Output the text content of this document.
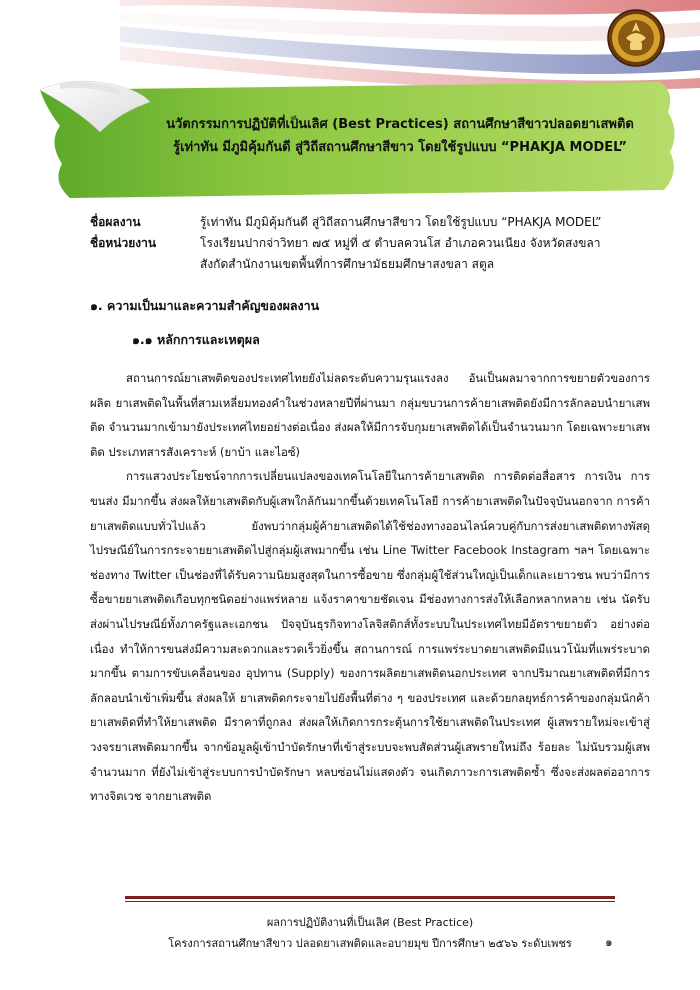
นวัตกรรมการปฏิบัติที่เป็นเลิศ (Best Practices) สถานศึกษาสีขาวปลอดยาเสพติด
รู้เท่าทัน มีภูมิคุ้มกันดี สู่วิถีสถานศึกษาสีขาว โดยใช้รูปแบบ “PHAKJA MODEL”
ชื่อผลงาน	รู้เท่าทัน มีภูมิคุ้มกันดี สู่วิถีสถานศึกษาสีขาว โดยใช้รูปแบบ “PHAKJA MODEL”
ชื่อหน่วยงาน	โรงเรียนปากจ่าวิทยา ๗๕ หมู่ที่ ๕ ตำบลควนโส อำเภอควนเนียง จังหวัดสงขลา
สังกัดสำนักงานเขตพื้นที่การศึกษามัธยมศึกษาสงขลา สตูล
๑. ความเป็นมาและความสำคัญของผลงาน
๑.๑ หลักการและเหตุผล

สถานการณ์ยาเสพติดของประเทศไทยยังไม่ลดระดับความรุนแรงลง อันเป็นผลมาจากการขยายตัวของการผลิต ยาเสพติดในพื้นที่สามเหลี่ยมทองคำในช่วงหลายปีที่ผ่านมา กลุ่มขบวนการค้ายาเสพติดยังมีการลักลอบนำยาเสพติด จำนวนมากเข้ามายังประเทศไทยอย่างต่อเนื่อง ส่งผลให้มีการจับกุมยาเสพติดได้เป็นจำนวนมาก โดยเฉพาะยาเสพติด ประเภทสารสังเคราะห์ (ยาบ้า และไอซ์)

การแสวงประโยชน์จากการเปลี่ยนแปลงของเทคโนโลยีในการค้ายาเสพติด การติดต่อสื่อสาร การเงิน การขนส่ง มีมากขึ้น ส่งผลให้ยาเสพติดกับผู้เสพใกล้กันมากขึ้นด้วยเทคโนโลยี การค้ายาเสพติดในปัจจุบันนอกจาก การค้ายาเสพติดแบบทั่วไปแล้ว ยังพบว่ากลุ่มผู้ค้ายาเสพติดได้ใช้ช่องทางออนไลน์ควบคู่กับการส่งยาเสพติดทางพัสดุ ไปรษณีย์ในการกระจายยาเสพติดไปสู่กลุ่มผู้เสพมากขึ้น เช่น Line Twitter Facebook Instagram ฯลฯ โดยเฉพาะช่องทาง Twitter เป็นช่องที่ได้รับความนิยมสูงสุดในการซื้อขาย ซึ่งกลุ่มผู้ใช้ส่วนใหญ่เป็นเด็กและเยาวชน พบว่ามีการซื้อขายยาเสพติดเกือบทุกชนิดอย่างแพร่หลาย แจ้งราคาขายชัดเจน มีช่องทางการส่งให้เลือกหลากหลาย เช่น นัดรับ ส่งผ่านไปรษณีย์ทั้งภาครัฐและเอกชน ปัจจุบันธุรกิจทางโลจิสติกส์ทั้งระบบในประเทศไทยมีอัตราขยายตัว อย่างต่อเนื่อง ทำให้การขนส่งมีความสะดวกและรวดเร็วยิ่งขึ้น สถานการณ์ การแพร่ระบาดยาเสพติดมีแนวโน้มที่แพร่ระบาดมากขึ้น ตามการขับเคลื่อนของ อุปทาน (Supply) ของการผลิตยาเสพติดนอกประเทศ จากปริมาณยาเสพติดที่มีการลักลอบนำเข้าเพิ่มขึ้น ส่งผลให้ ยาเสพติดกระจายไปยังพื้นที่ต่าง ๆ ของประเทศ และด้วยกลยุทธ์การค้าของกลุ่มนักค้ายาเสพติดที่ทำให้ยาเสพติด มีราคาที่ถูกลง ส่งผลให้เกิดการกระตุ้นการใช้ยาเสพติดในประเทศ ผู้เสพรายใหม่จะเข้าสู่วงจรยาเสพติดมากขึ้น จากข้อมูลผู้เข้าบำบัดรักษาที่เข้าสู่ระบบจะพบสัดส่วนผู้เสพรายใหม่ถึง ร้อยละ ไม่นับรวมผู้เสพจำนวนมาก ที่ยังไม่เข้าสู่ระบบการบำบัดรักษา หลบซ่อนไม่แสดงตัว จนเกิดภาวะการเสพติดซ้ำ ซึ่งจะส่งผลต่ออาการทางจิตเวช จากยาเสพติด

ผลการปฏิบัติงานที่เป็นเลิศ (Best Practice)
โครงการสถานศึกษาสีขาว ปลอดยาเสพติดและอบายมุข ปีการศึกษา ๒๕๖๖ ระดับเพชร	๑
